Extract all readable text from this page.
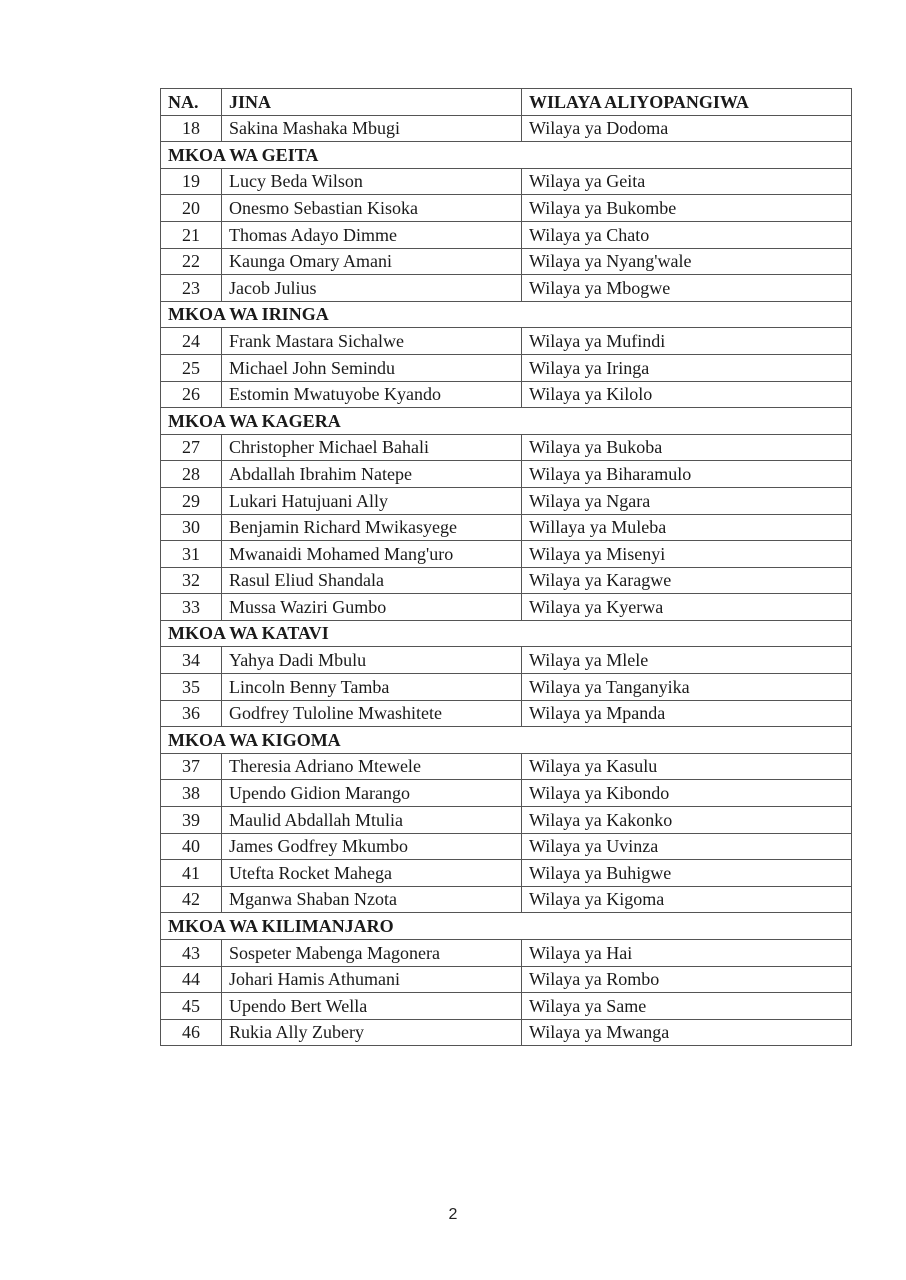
NA.	JINA	WILAYA ALIYOPANGIWA
18	Sakina Mashaka Mbugi	Wilaya ya Dodoma
MKOA WA GEITA		
19	Lucy Beda Wilson	Wilaya ya Geita
20	Onesmo Sebastian Kisoka	Wilaya ya Bukombe
21	Thomas Adayo Dimme	Wilaya ya Chato
22	Kaunga Omary Amani	Wilaya ya Nyang'wale
23	Jacob Julius	Wilaya ya Mbogwe
MKOA WA IRINGA		
24	Frank Mastara Sichalwe	Wilaya ya Mufindi
25	Michael John Semindu	Wilaya ya Iringa
26	Estomin Mwatuyobe Kyando	Wilaya ya Kilolo
MKOA WA KAGERA		
27	Christopher Michael Bahali	Wilaya ya Bukoba
28	Abdallah Ibrahim Natepe	Wilaya ya Biharamulo
29	Lukari Hatujuani Ally	Wilaya ya Ngara
30	Benjamin Richard Mwikasyege	Willaya ya Muleba
31	Mwanaidi Mohamed Mang'uro	Wilaya ya Misenyi
32	Rasul Eliud Shandala	Wilaya ya Karagwe
33	Mussa Waziri Gumbo	Wilaya ya Kyerwa
MKOA WA KATAVI		
34	Yahya Dadi Mbulu	Wilaya ya Mlele
35	Lincoln Benny Tamba	Wilaya ya Tanganyika
36	Godfrey Tuloline Mwashitete	Wilaya ya Mpanda
MKOA WA KIGOMA		
37	Theresia Adriano Mtewele	Wilaya ya Kasulu
38	Upendo Gidion Marango	Wilaya ya Kibondo
39	Maulid Abdallah Mtulia	Wilaya ya Kakonko
40	James Godfrey Mkumbo	Wilaya ya Uvinza
41	Utefta Rocket Mahega	Wilaya ya Buhigwe
42	Mganwa Shaban Nzota	Wilaya ya Kigoma
MKOA WA KILIMANJARO		
43	Sospeter Mabenga Magonera	Wilaya ya Hai
44	Johari Hamis Athumani	Wilaya ya Rombo
45	Upendo Bert Wella	Wilaya ya Same
46	Rukia Ally Zubery	Wilaya ya Mwanga
2
